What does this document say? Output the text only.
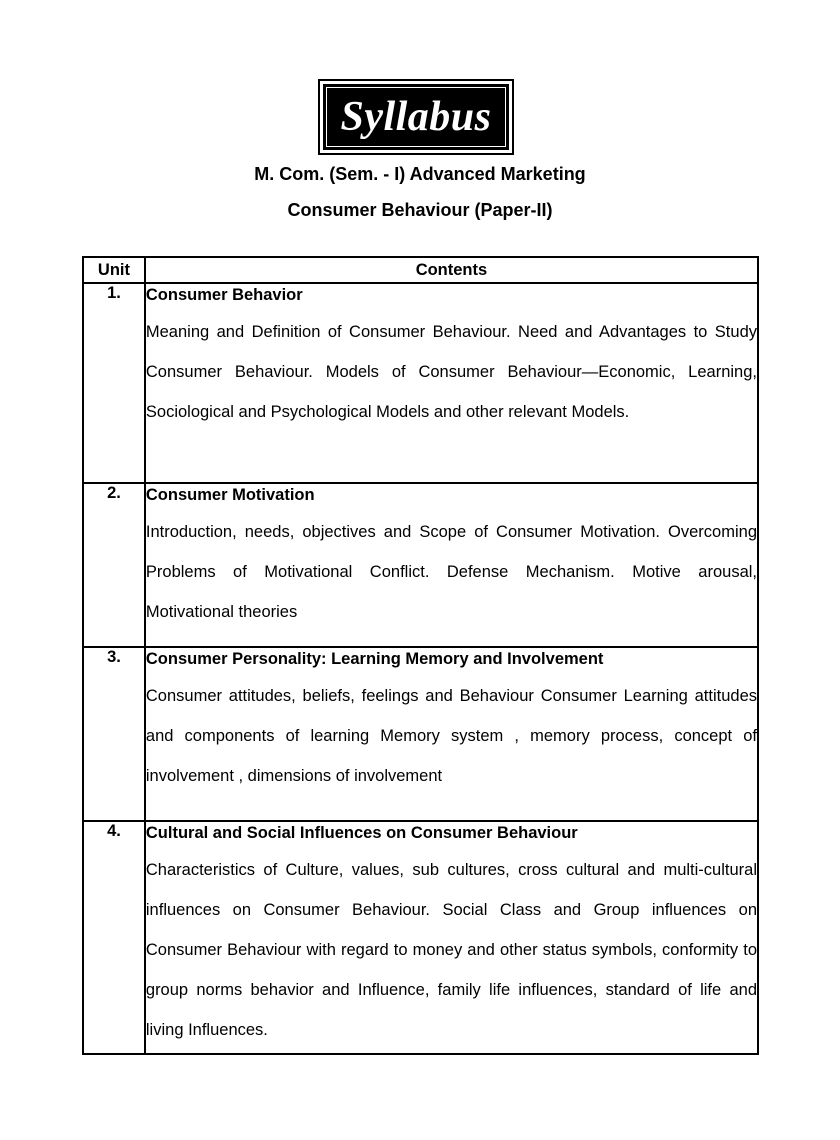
Syllabus
M. Com. (Sem. - I) Advanced Marketing
Consumer Behaviour (Paper-II)
Unit	Contents
1.	Consumer Behavior
Meaning and Definition of Consumer Behaviour. Need and Advantages to Study Consumer Behaviour. Models of Consumer Behaviour—Economic, Learning, Sociological and Psychological Models and other relevant Models.

2.	Consumer Motivation
Introduction, needs, objectives and Scope of Consumer Motivation. Overcoming Problems of Motivational Conflict. Defense Mechanism. Motive arousal, Motivational theories

3.	Consumer Personality: Learning Memory and Involvement
Consumer attitudes, beliefs, feelings and Behaviour Consumer Learning attitudes and components of learning Memory system , memory process, concept of involvement , dimensions of involvement

4.	Cultural and Social Influences on Consumer Behaviour
Characteristics of Culture, values, sub cultures, cross cultural and multi-cultural influences on Consumer Behaviour. Social Class and Group influences on Consumer Behaviour with regard to money and other status symbols, conformity to group norms behavior and Influence, family life influences, standard of life and living Influences.
